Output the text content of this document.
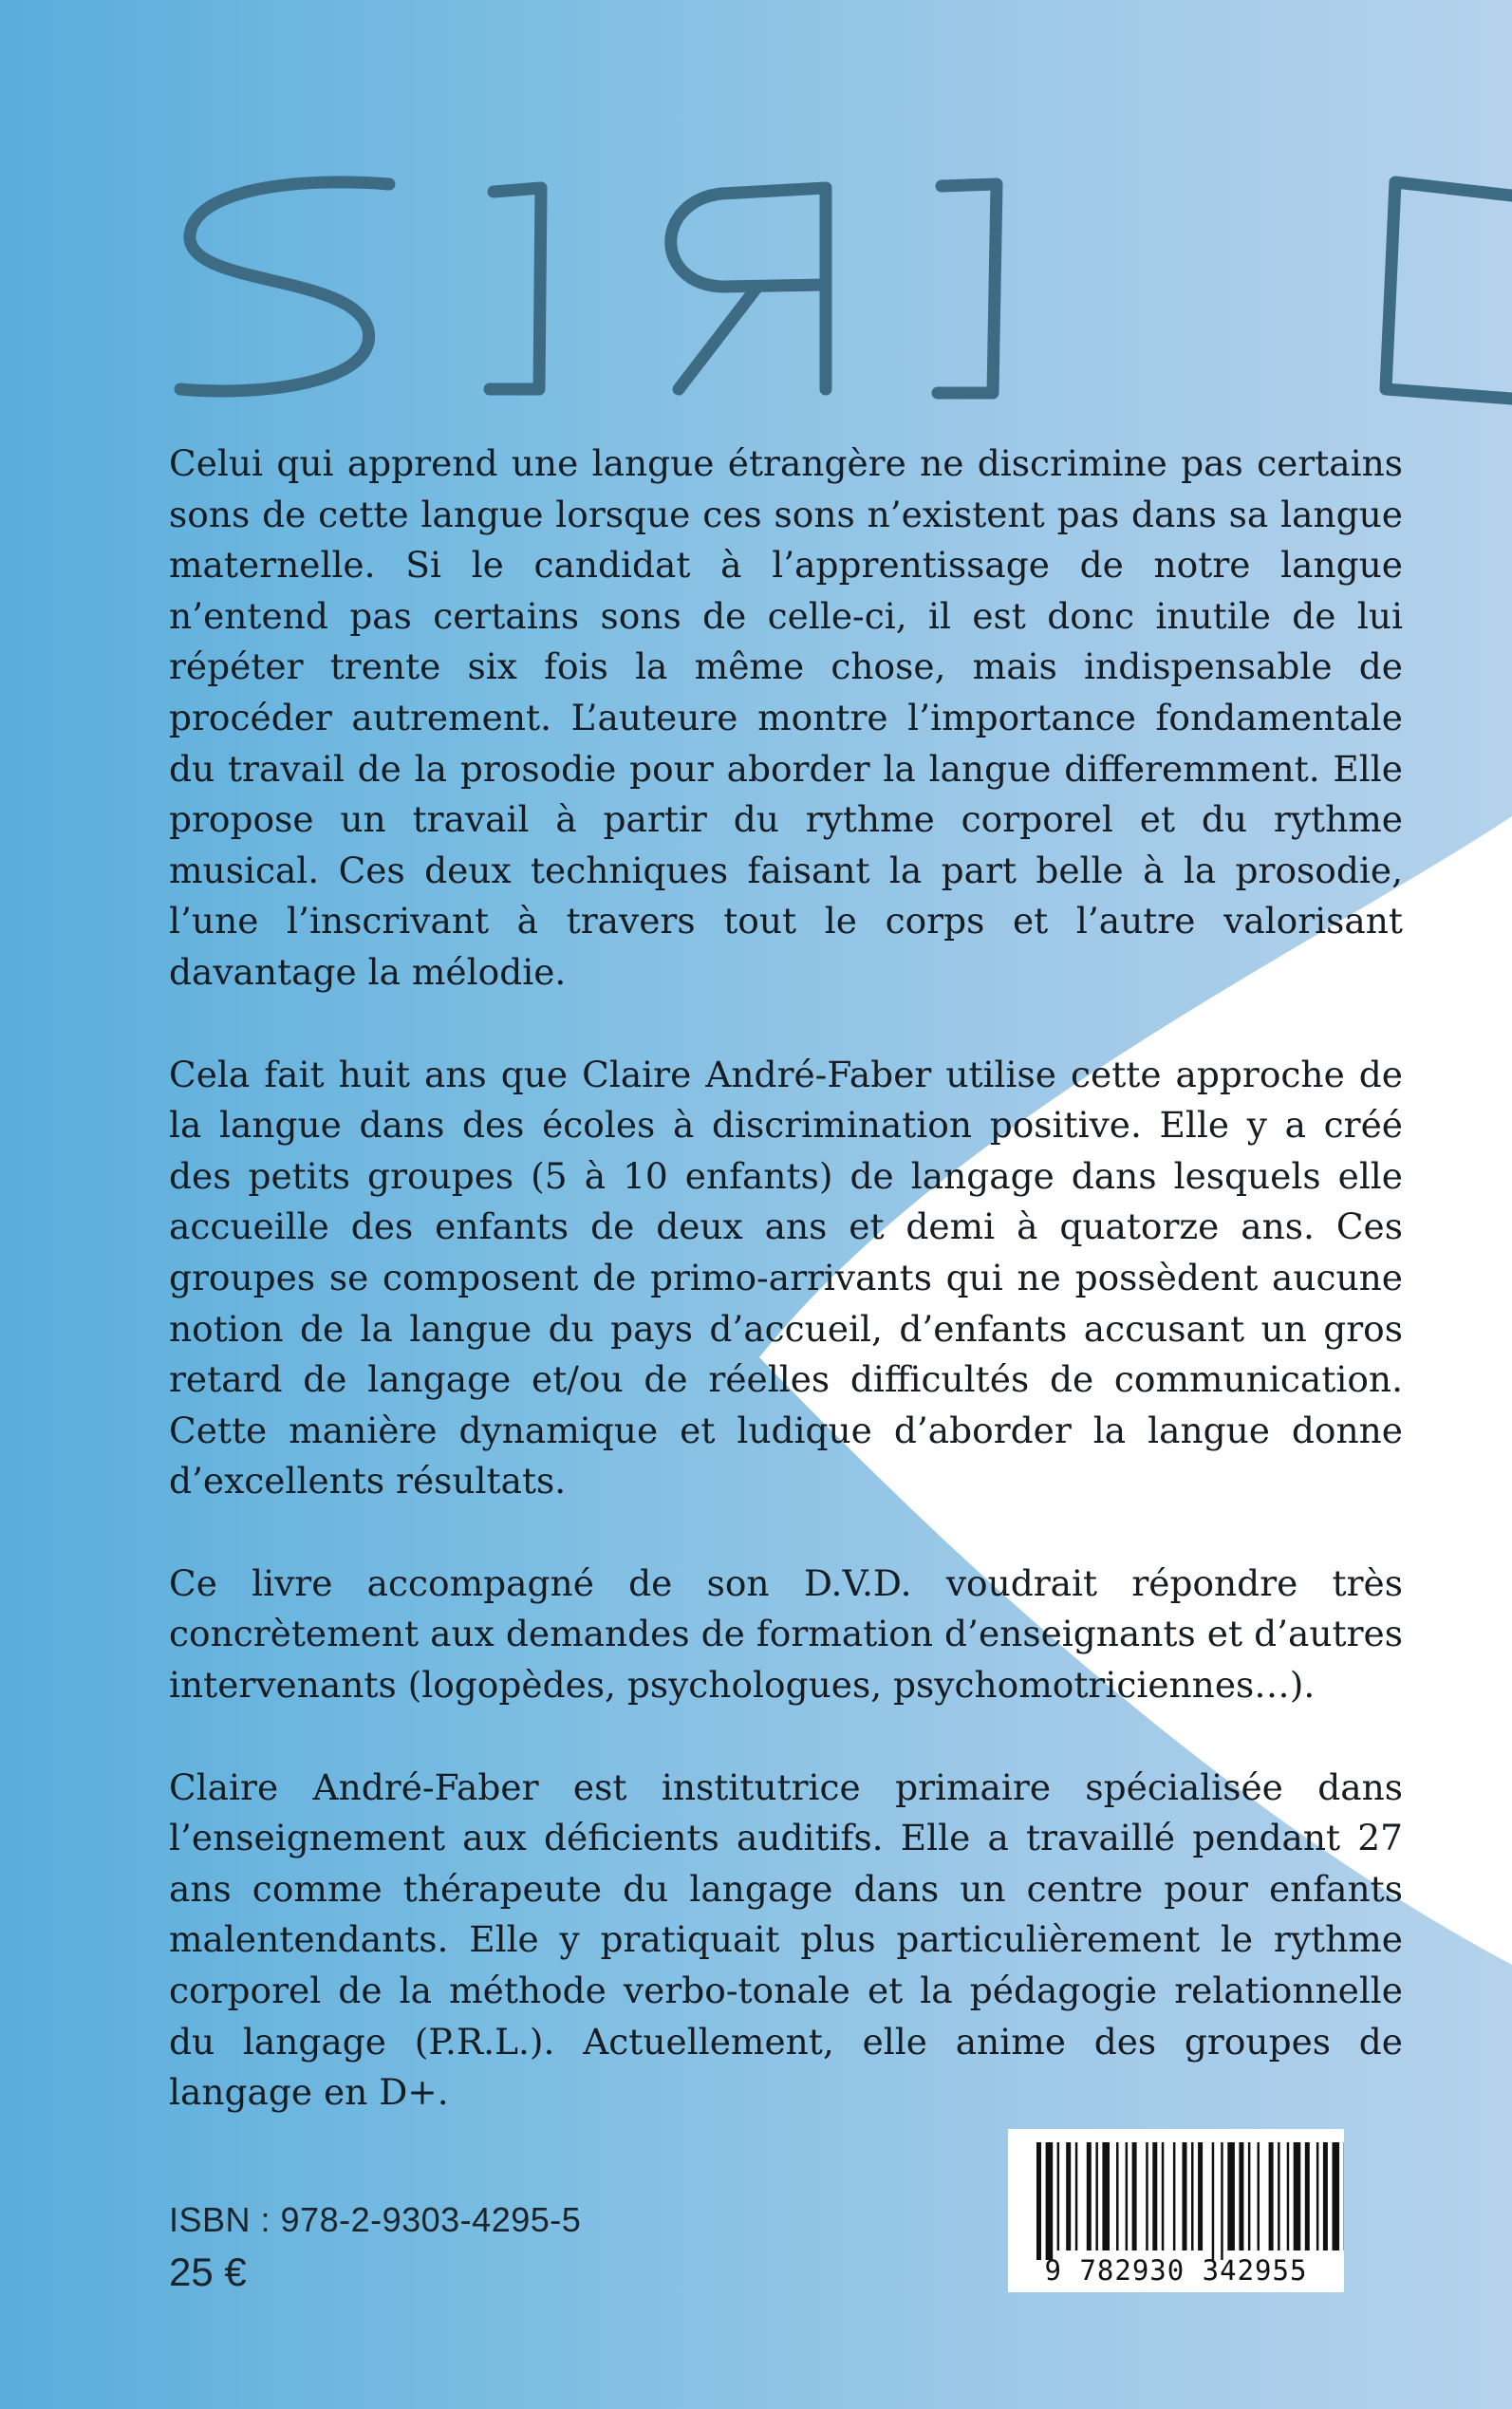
Celui qui apprend une langue étrangère ne discrimine pas certains sons de cette langue lorsque ces sons n’existent pas dans sa langue maternelle. Si le candidat à l’apprentissage de notre langue n’entend pas certains sons de celle-ci, il est donc inutile de lui répéter trente six fois la même chose, mais indispensable de procéder autrement. L’auteure montre l’importance fondamentale du travail de la prosodie pour aborder la langue differemment. Elle propose un travail à partir du rythme corporel et du rythme musical. Ces deux techniques faisant la part belle à la prosodie, l’une l’inscrivant à travers tout le corps et l’autre valorisant davantage la mélodie.

Cela fait huit ans que Claire André-Faber utilise cette approche de la langue dans des écoles à discrimination positive. Elle y a créé des petits groupes (5 à 10 enfants) de langage dans lesquels elle accueille des enfants de deux ans et demi à quatorze ans. Ces groupes se composent de primo-arrivants qui ne possèdent aucune notion de la langue du pays d’accueil, d’enfants accusant un gros retard de langage et/ou de réelles difficultés de communication. Cette manière dynamique et ludique d’aborder la langue donne d’excellents résultats.

Ce livre accompagné de son D.V.D. voudrait répondre très concrètement aux demandes de formation d’enseignants et d’autres intervenants (logopèdes, psychologues, psychomotriciennes…).

Claire André-Faber est institutrice primaire spécialisée dans l’enseignement aux déficients auditifs. Elle a travaillé pendant 27 ans comme thérapeute du langage dans un centre pour enfants malentendants. Elle y pratiquait plus particulièrement le rythme corporel de la méthode verbo-tonale et la pédagogie relationnelle du langage (P.R.L.). Actuellement, elle anime des groupes de langage en D+.

ISBN : 978-2-9303-4295-5
25 €	9 782930 342955
